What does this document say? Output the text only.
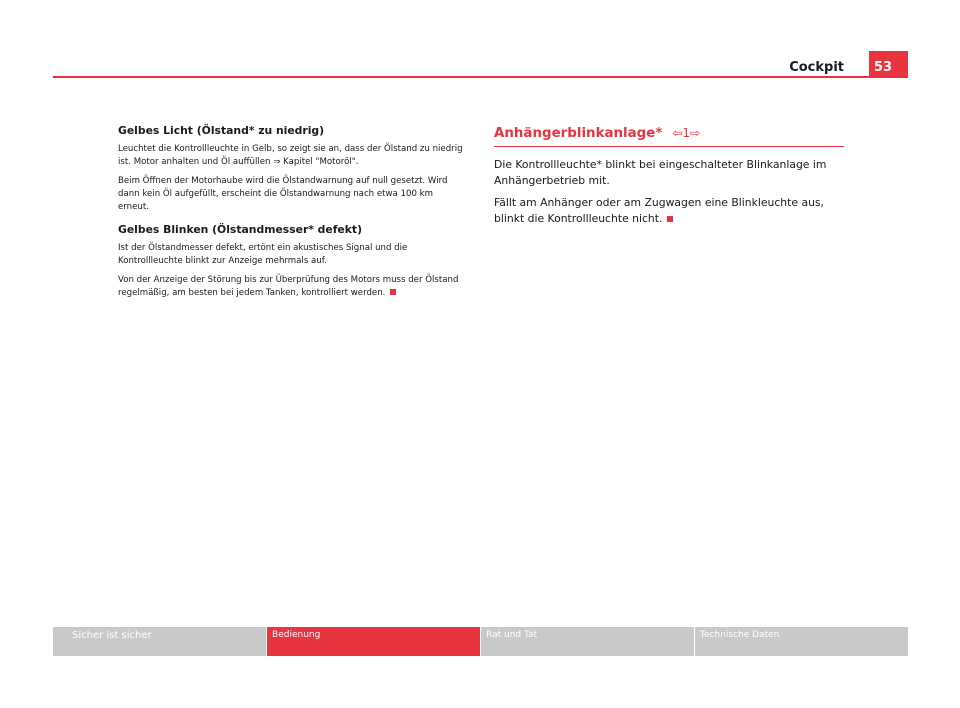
Cockpit	53
Gelbes Licht (Ölstand* zu niedrig)

Leuchtet die Kontrollleuchte in Gelb, so zeigt sie an, dass der Ölstand zu niedrig ist. Motor anhalten und Öl auffüllen ⇒ Kapitel "Motoröl".

Beim Öffnen der Motorhaube wird die Ölstandwarnung auf null gesetzt. Wird dann kein Öl aufgefüllt, erscheint die Ölstandwarnung nach etwa 100 km erneut.

Gelbes Blinken (Ölstandmesser* defekt)

Ist der Ölstandmesser defekt, ertönt ein akustisches Signal und die Kontrollleuchte blinkt zur Anzeige mehrmals auf.

Von der Anzeige der Störung bis zur Überprüfung des Motors muss der Ölstand regelmäßig, am besten bei jedem Tanken, kontrolliert werden.

Anhängerblinkanlage* ⇦1⇨

Die Kontrollleuchte* blinkt bei eingeschalteter Blinkanlage im Anhängerbetrieb mit.

Fällt am Anhänger oder am Zugwagen eine Blinkleuchte aus, blinkt die Kontrollleuchte nicht.

Sicher ist sicher	Bedienung	Rat und Tat	Technische Daten
